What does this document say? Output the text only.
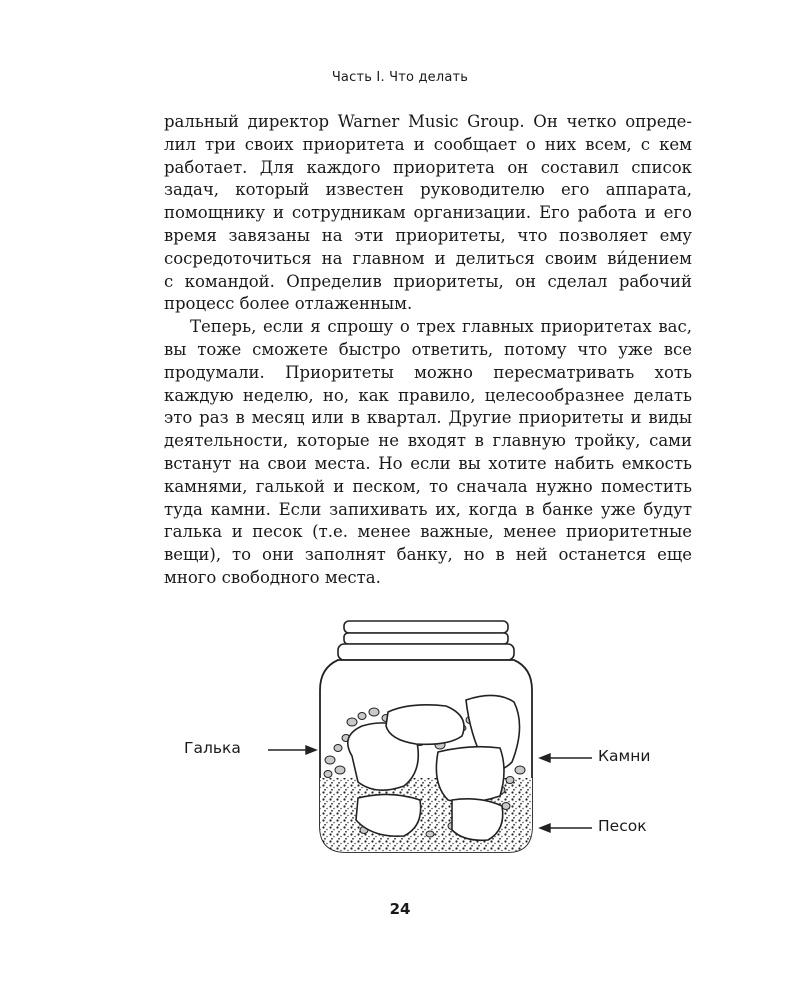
Часть I. Что делать
ральный директор Warner Music Group. Он четко опреде-
лил три своих приоритета и сообщает о них всем, с кем
работает. Для каждого приоритета он составил список
задач, который известен руководителю его аппарата,
помощнику и сотрудникам организации. Его работа и его
время завязаны на эти приоритеты, что позволяет ему
сосредоточиться на главном и делиться своим ви́дением
с командой. Определив приоритеты, он сделал рабочий
процесс более отлаженным.
Теперь, если я спрошу о трех главных приоритетах вас,
вы тоже сможете быстро ответить, потому что уже все
продумали. Приоритеты можно пересматривать хоть
каждую неделю, но, как правило, целесообразнее делать
это раз в месяц или в квартал. Другие приоритеты и виды
деятельности, которые не входят в главную тройку, сами
встанут на свои места. Но если вы хотите набить емкость
камнями, галькой и песком, то сначала нужно поместить
туда камни. Если запихивать их, когда в банке уже будут
галька и песок (т.е. менее важные, менее приоритетные
вещи), то они заполнят банку, но в ней останется еще
много свободного места.
Галька	Камни
Песок
24
